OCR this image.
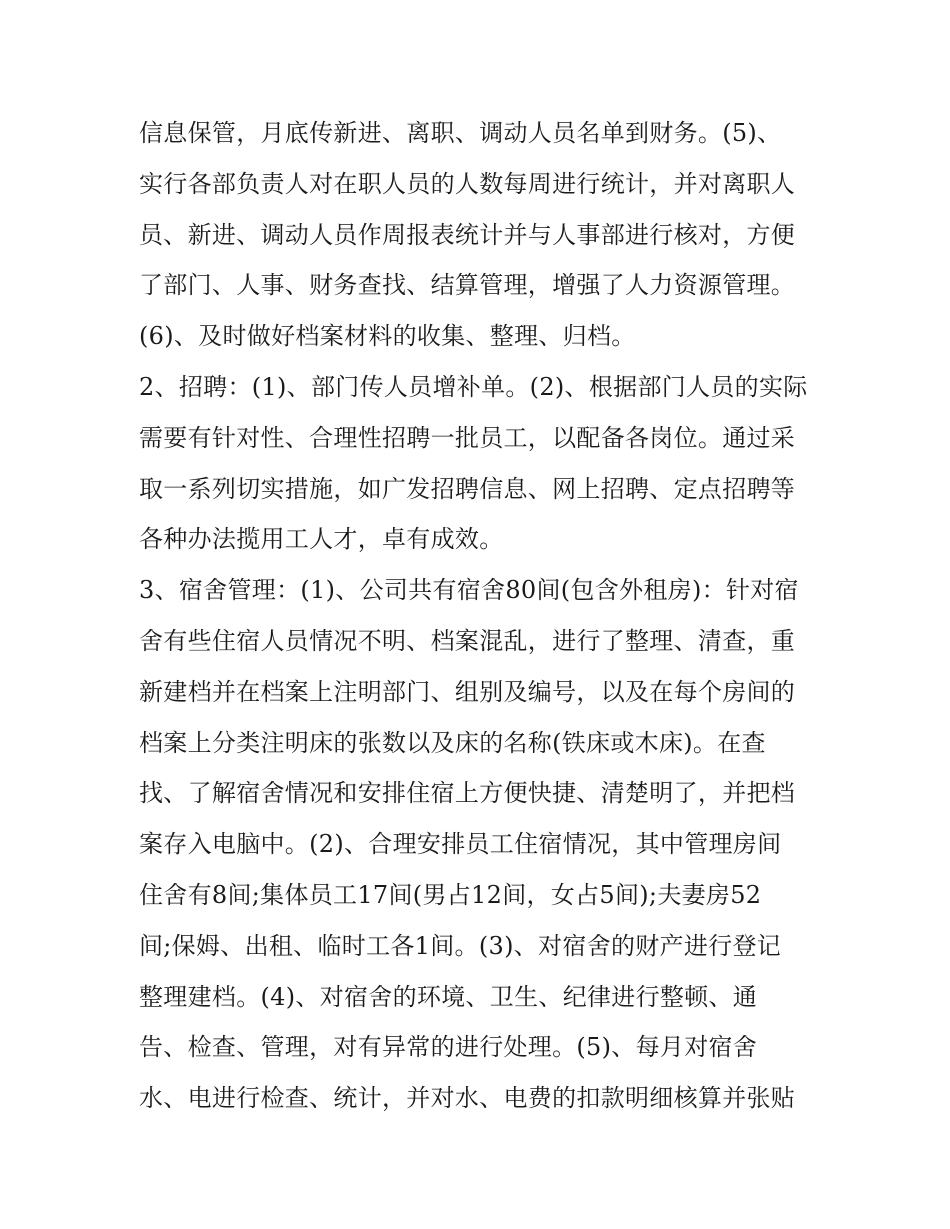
信息保管，月底传新进、离职、调动人员名单到财务。(5)、
实行各部负责人对在职人员的人数每周进行统计，并对离职人
员、新进、调动人员作周报表统计并与人事部进行核对，方便
了部门、人事、财务查找、结算管理，增强了人力资源管理。
(6)、及时做好档案材料的收集、整理、归档。
2、招聘：(1)、部门传人员增补单。(2)、根据部门人员的实际
需要有针对性、合理性招聘一批员工，以配备各岗位。通过采
取一系列切实措施，如广发招聘信息、网上招聘、定点招聘等
各种办法揽用工人才，卓有成效。
3、宿舍管理：(1)、公司共有宿舍80间(包含外租房)：针对宿
舍有些住宿人员情况不明、档案混乱，进行了整理、清查，重
新建档并在档案上注明部门、组别及编号，以及在每个房间的
档案上分类注明床的张数以及床的名称(铁床或木床)。在查
找、了解宿舍情况和安排住宿上方便快捷、清楚明了，并把档
案存入电脑中。(2)、合理安排员工住宿情况，其中管理房间
住舍有8间;集体员工17间(男占12间，女占5间);夫妻房52
间;保姆、出租、临时工各1间。(3)、对宿舍的财产进行登记
整理建档。(4)、对宿舍的环境、卫生、纪律进行整顿、通
告、检查、管理，对有异常的进行处理。(5)、每月对宿舍
水、电进行检查、统计，并对水、电费的扣款明细核算并张贴
